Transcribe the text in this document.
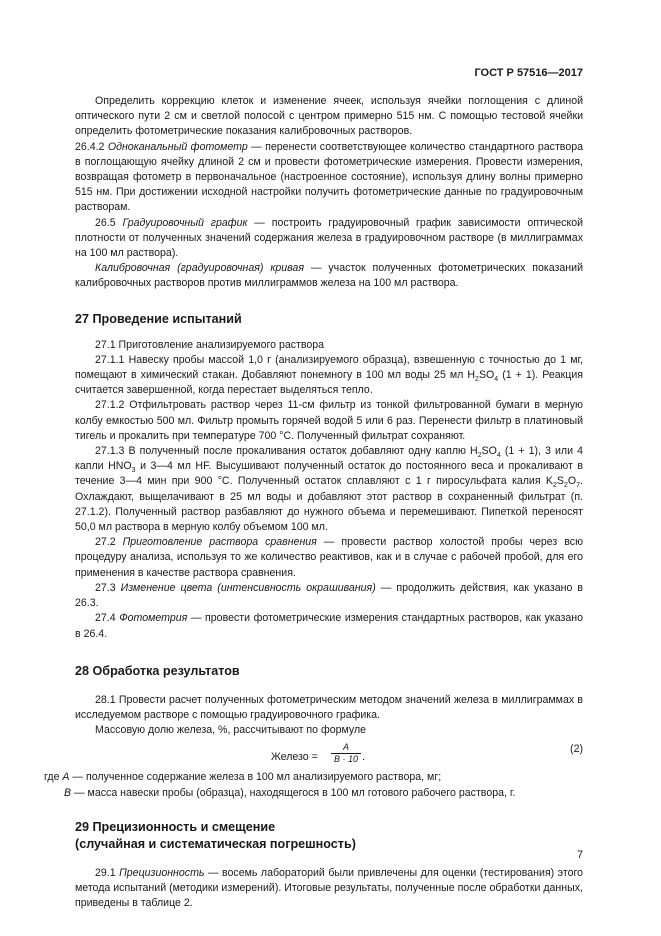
ГОСТ Р 57516—2017

Определить коррекцию клеток и изменение ячеек, используя ячейки поглощения с длиной оптического пути 2 см и светлой полосой с центром примерно 515 нм. С помощью тестовой ячейки определить фотометрические показания калибровочных растворов.

26.4.2 Одноканальный фотометр — перенести соответствующее количество стандартного раствора в поглощающую ячейку длиной 2 см и провести фотометрические измерения. Провести измерения, возвращая фотометр в первоначальное (настроенное состояние), используя длину волны примерно 515 нм. При достижении исходной настройки получить фотометрические данные по градуировочным растворам.

26.5 Градуировочный график — построить градуировочный график зависимости оптической плотности от полученных значений содержания железа в градуировочном растворе (в миллиграммах на 100 мл раствора).

Калибровочная (градуировочная) кривая — участок полученных фотометрических показаний калибровочных растворов против миллиграммов железа на 100 мл раствора.

27 Проведение испытаний

27.1 Приготовление анализируемого раствора

27.1.1 Навеску пробы массой 1,0 г (анализируемого образца), взвешенную с точностью до 1 мг, помещают в химический стакан. Добавляют понемногу в 100 мл воды 25 мл $H_2SO_4$ (1 + 1). Реакция считается завершенной, когда перестает выделяться тепло.

27.1.2 Отфильтровать раствор через 11-см фильтр из тонкой фильтрованной бумаги в мерную колбу емкостью 500 мл. Фильтр промыть горячей водой 5 или 6 раз. Перенести фильтр в платиновый тигель и прокалить при температуре 700 °С. Полученный фильтрат сохраняют.

27.1.3 В полученный после прокаливания остаток добавляют одну каплю $H_2SO_4$ (1 + 1), 3 или 4 капли $HNO_3$ и 3—4 мл HF. Высушивают полученный остаток до постоянного веса и прокаливают в течение 3—4 мин при 900 °С. Полученный остаток сплавляют с 1 г пиросульфата калия $K_2S_2O_7$. Охлаждают, выщелачивают в 25 мл воды и добавляют этот раствор в сохраненный фильтрат (п. 27.1.2). Полученный раствор разбавляют до нужного объема и перемешивают. Пипеткой переносят 50,0 мл раствора в мерную колбу объемом 100 мл.

27.2 Приготовление раствора сравнения — провести раствор холостой пробы через всю процедуру анализа, используя то же количество реактивов, как и в случае с рабочей пробой, для его применения в качестве раствора сравнения.

27.3 Изменение цвета (интенсивность окрашивания) — продолжить действия, как указано в 26.3.

27.4 Фотометрия — провести фотометрические измерения стандартных растворов, как указано в 26.4.

28 Обработка результатов

28.1 Провести расчет полученных фотометрическим методом значений железа в миллиграммах в исследуемом растворе с помощью градуировочного графика.

Массовую долю железа, %, рассчитывают по формуле

Железо = $\frac{A}{B \cdot 10}$ .
(2)

где A — полученное содержание железа в 100 мл анализируемого раствора, мг;

B — масса навески пробы (образца), находящегося в 100 мл готового рабочего раствора, г.

29 Прецизионность и смещение
(случайная и систематическая погрешность)

29.1 Прецизионность — восемь лабораторий были привлечены для оценки (тестирования) этого метода испытаний (методики измерений). Итоговые результаты, полученные после обработки данных, приведены в таблице 2.

7
